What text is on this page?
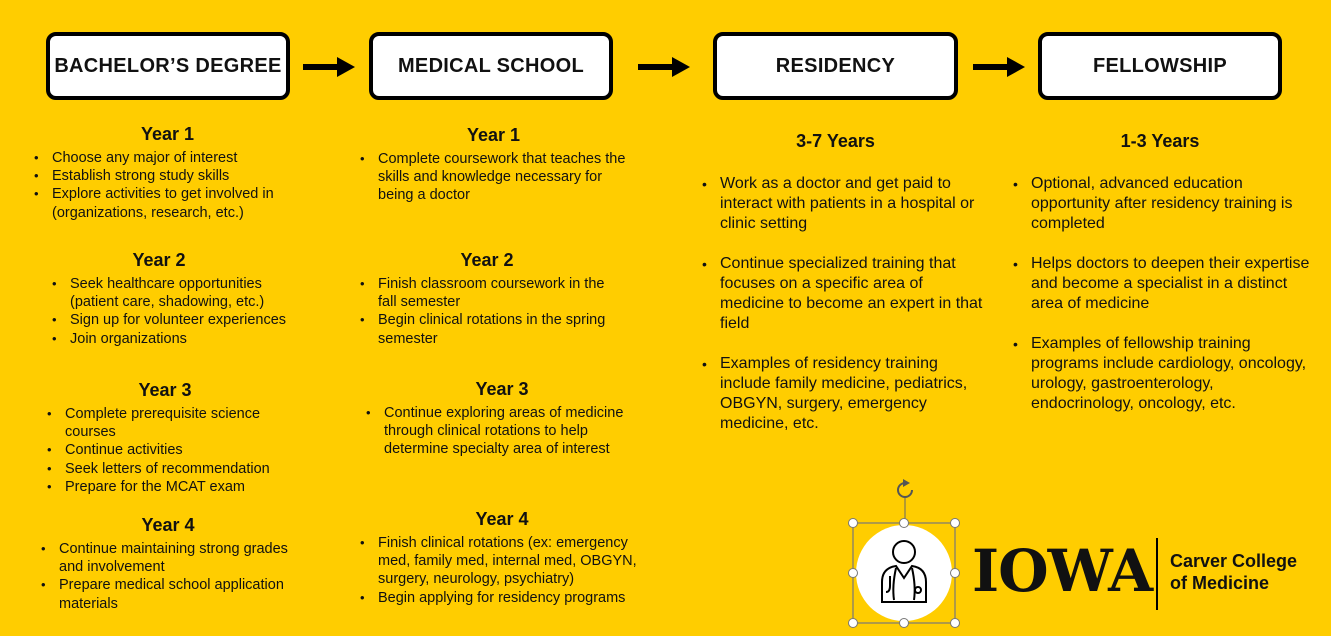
BACHELOR’S DEGREE	MEDICAL SCHOOL	RESIDENCY	FELLOWSHIP
Year 1
• Choose any major of interest
• Establish strong study skills
• Explore activities to get involved in (organizations, research, etc.)
Year 2
• Seek healthcare opportunities (patient care, shadowing, etc.)
• Sign up for volunteer experiences
• Join organizations
Year 3
• Complete prerequisite science courses
• Continue activities
• Seek letters of recommendation
• Prepare for the MCAT exam
Year 4
• Continue maintaining strong grades and involvement
• Prepare medical school application materials
Year 1
• Complete coursework that teaches the skills and knowledge necessary for being a doctor
Year 2
• Finish classroom coursework in the fall semester
• Begin clinical rotations in the spring semester
Year 3
• Continue exploring areas of medicine through clinical rotations to help determine specialty area of interest
Year 4
• Finish clinical rotations (ex: emergency med, family med, internal med, OBGYN, surgery, neurology, psychiatry)
• Begin applying for residency programs
3-7 Years
• Work as a doctor and get paid to interact with patients in a hospital or clinic setting
• Continue specialized training that focuses on a specific area of medicine to become an expert in that field
• Examples of residency training include family medicine, pediatrics, OBGYN, surgery, emergency medicine, etc.
1-3 Years
• Optional, advanced education opportunity after residency training is completed
• Helps doctors to deepen their expertise and become a specialist in a distinct area of medicine
• Examples of fellowship training programs include cardiology, oncology, urology, gastroenterology, endocrinology, oncology, etc.
IOWA Carver College
of Medicine
